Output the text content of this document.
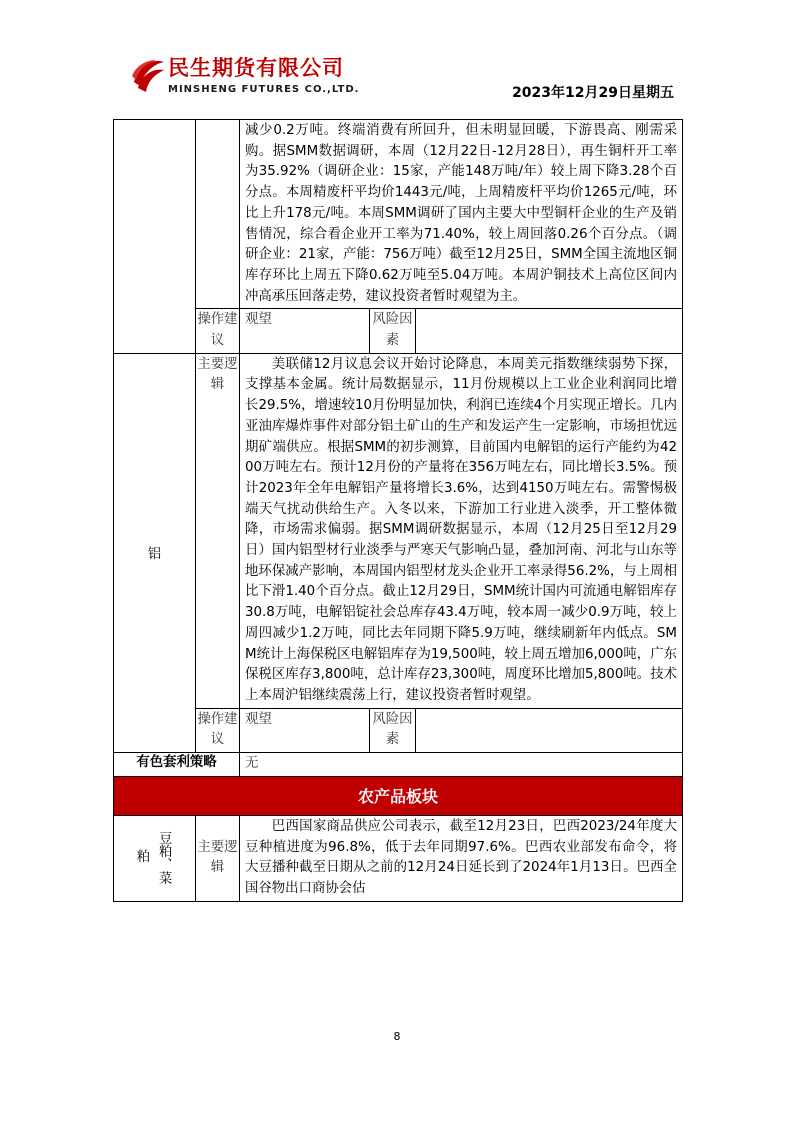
民生期货有限公司
MINSHENG FUTURES CO.,LTD.	2023年12月29日星期五

		减少0.2万吨。终端消费有所回升，但未明显回暖，下游畏高、刚需采购。据SMM数据调研，本周（12月22日-12月28日），再生铜杆开工率为35.92%（调研企业：15家，产能148万吨/年）较上周下降3.28个百分点。本周精废杆平均价1443元/吨，上周精废杆平均价1265元/吨，环比上升178元/吨。本周SMM调研了国内主要大中型铜杆企业的生产及销售情况，综合看企业开工率为71.40%，较上周回落0.26个百分点。（调研企业：21家，产能：756万吨）截至12月25日，SMM全国主流地区铜库存环比上周五下降0.62万吨至5.04万吨。本周沪铜技术上高位区间内冲高承压回落走势，建议投资者暂时观望为主。		

	操作建议	观望	风险因素	

铝	主要逻辑	美联储12月议息会议开始讨论降息，本周美元指数继续弱势下探，支撑基本金属。统计局数据显示，11月份规模以上工业企业利润同比增长29.5%，增速较10月份明显加快，利润已连续4个月实现正增长。几内亚油库爆炸事件对部分铝土矿山的生产和发运产生一定影响，市场担忧远期矿端供应。根据SMM的初步测算，目前国内电解铝的运行产能约为4200万吨左右。预计12月份的产量将在356万吨左右，同比增长3.5%。预计2023年全年电解铝产量将增长3.6%，达到4150万吨左右。需警惕极端天气扰动供给生产。入冬以来，下游加工行业进入淡季，开工整体微降，市场需求偏弱。据SMM调研数据显示，本周（12月25日至12月29日）国内铝型材行业淡季与严寒天气影响凸显，叠加河南、河北与山东等地环保减产影响，本周国内铝型材龙头企业开工率录得56.2%，与上周相比下滑1.40个百分点。截止12月29日，SMM统计国内可流通电解铝库存30.8万吨，电解铝锭社会总库存43.4万吨，较本周一减少0.9万吨，较上周四减少1.2万吨，同比去年同期下降5.9万吨，继续刷新年内低点。SMM统计上海保税区电解铝库存为19,500吨，较上周五增加6,000吨，广东保税区库存3,800吨，总计库存23,300吨，周度环比增加5,800吨。技术上本周沪铝继续震荡上行，建议投资者暂时观望。		

	操作建议	观望	风险因素	

有色套利策略		无		

农产品板块				

粕 豆粕、菜	主要逻辑	巴西国家商品供应公司表示，截至12月23日，巴西2023/24年度大豆种植进度为96.8%，低于去年同期97.6%。巴西农业部发布命令，将大豆播种截至日期从之前的12月24日延长到了2024年1月13日。巴西全国谷物出口商协会估		
8
